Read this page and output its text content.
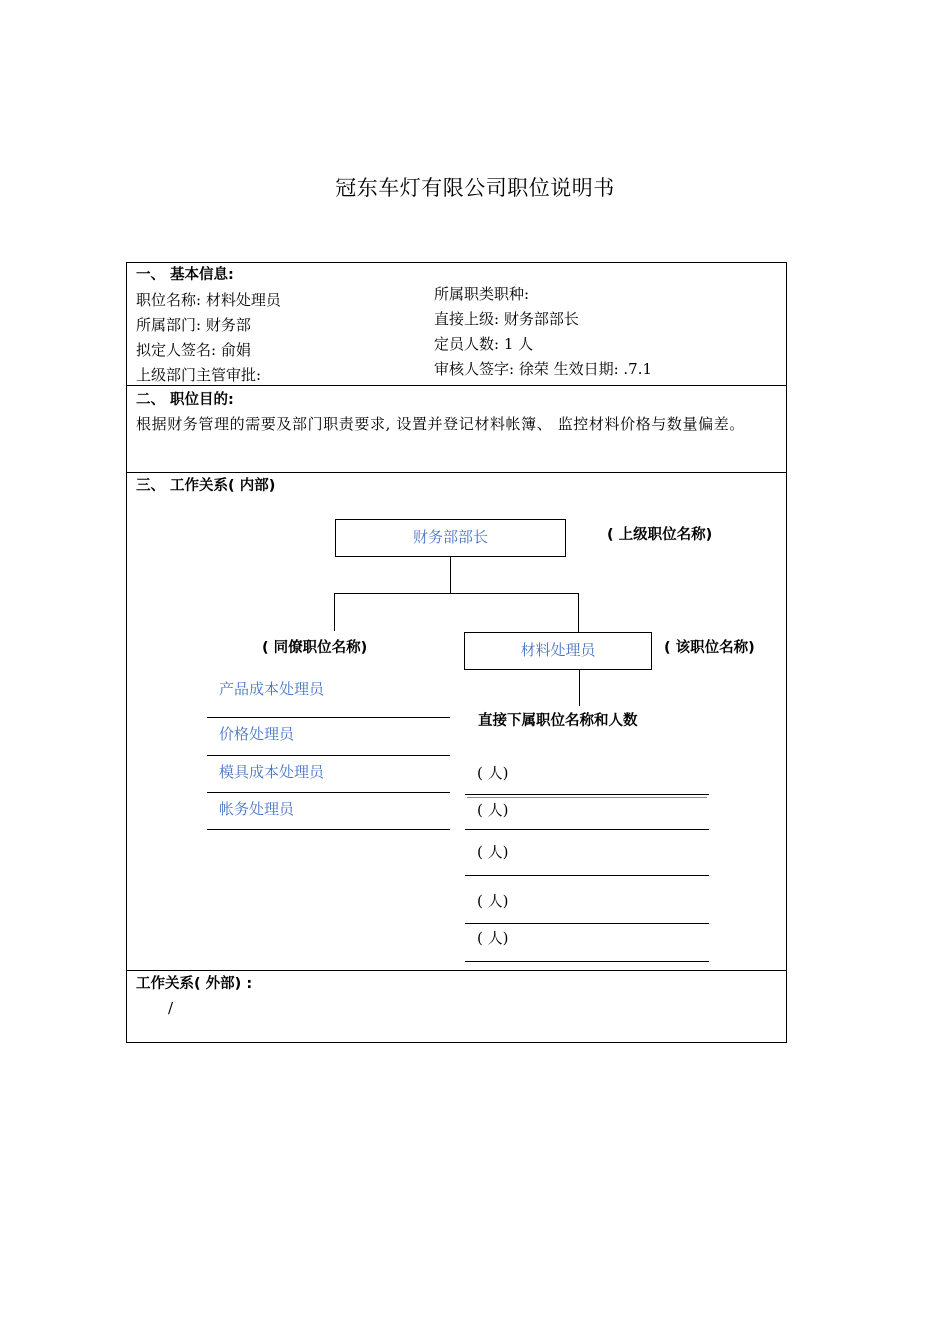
冠东车灯有限公司职位说明书
一、 基本信息:
职位名称: 材料处理员
所属部门: 财务部
拟定人签名: 俞娟
上级部门主管审批:
所属职类职种:
直接上级: 财务部部长
定员人数: 1 人
审核人签字: 徐荣 生效日期: .7.1
二、 职位目的:
根据财务管理的需要及部门职责要求, 设置并登记材料帐簿、 监控材料价格与数量偏差。
三、 工作关系( 内部)
财务部部长	( 上级职位名称)
材料处理员	( 该职位名称)
( 同僚职位名称)
直接下属职位名称和人数
产品成本处理员
价格处理员
模具成本处理员
帐务处理员
( 人)
( 人)
( 人)
( 人)
( 人)
工作关系( 外部) :
/
